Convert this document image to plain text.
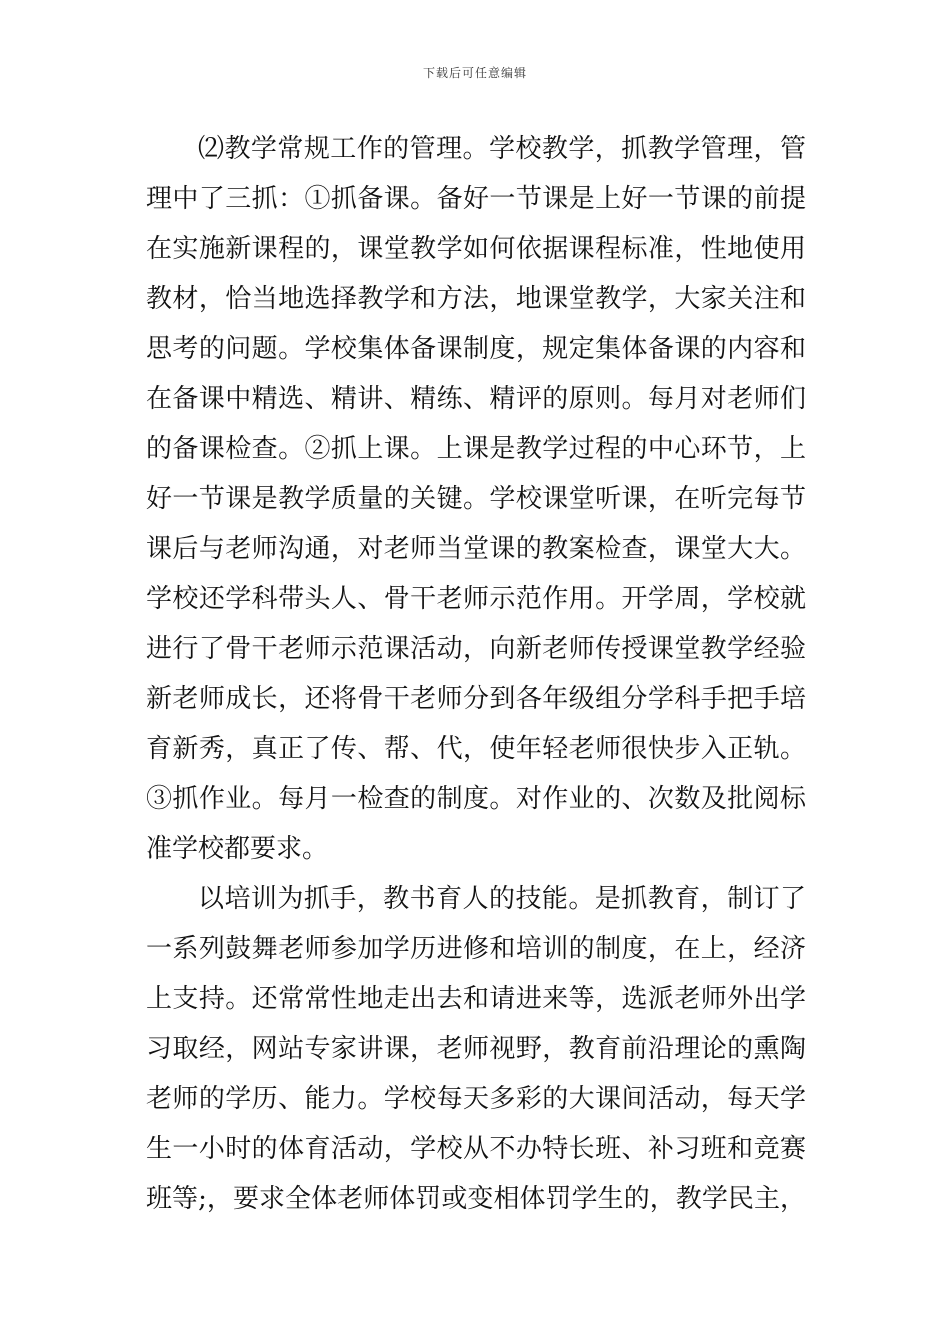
下载后可任意编辑
⑵教学常规工作的管理。学校教学，抓教学管理，管
理中了三抓：①抓备课。备好一节课是上好一节课的前提
在实施新课程的，课堂教学如何依据课程标准，性地使用
教材，恰当地选择教学和方法，地课堂教学，大家关注和
思考的问题。学校集体备课制度，规定集体备课的内容和
在备课中精选、精讲、精练、精评的原则。每月对老师们
的备课检查。②抓上课。上课是教学过程的中心环节，上
好一节课是教学质量的关键。学校课堂听课，在听完每节
课后与老师沟通，对老师当堂课的教案检查，课堂大大。
学校还学科带头人、骨干老师示范作用。开学周，学校就
进行了骨干老师示范课活动，向新老师传授课堂教学经验
新老师成长，还将骨干老师分到各年级组分学科手把手培
育新秀，真正了传、帮、代，使年轻老师很快步入正轨。
③抓作业。每月一检查的制度。对作业的、次数及批阅标
准学校都要求。
以培训为抓手，教书育人的技能。是抓教育，制订了
一系列鼓舞老师参加学历进修和培训的制度，在上，经济
上支持。还常常性地走出去和请进来等，选派老师外出学
习取经，网站专家讲课，老师视野，教育前沿理论的熏陶
老师的学历、能力。学校每天多彩的大课间活动，每天学
生一小时的体育活动，学校从不办特长班、补习班和竞赛
班等;，要求全体老师体罚或变相体罚学生的，教学民主，
